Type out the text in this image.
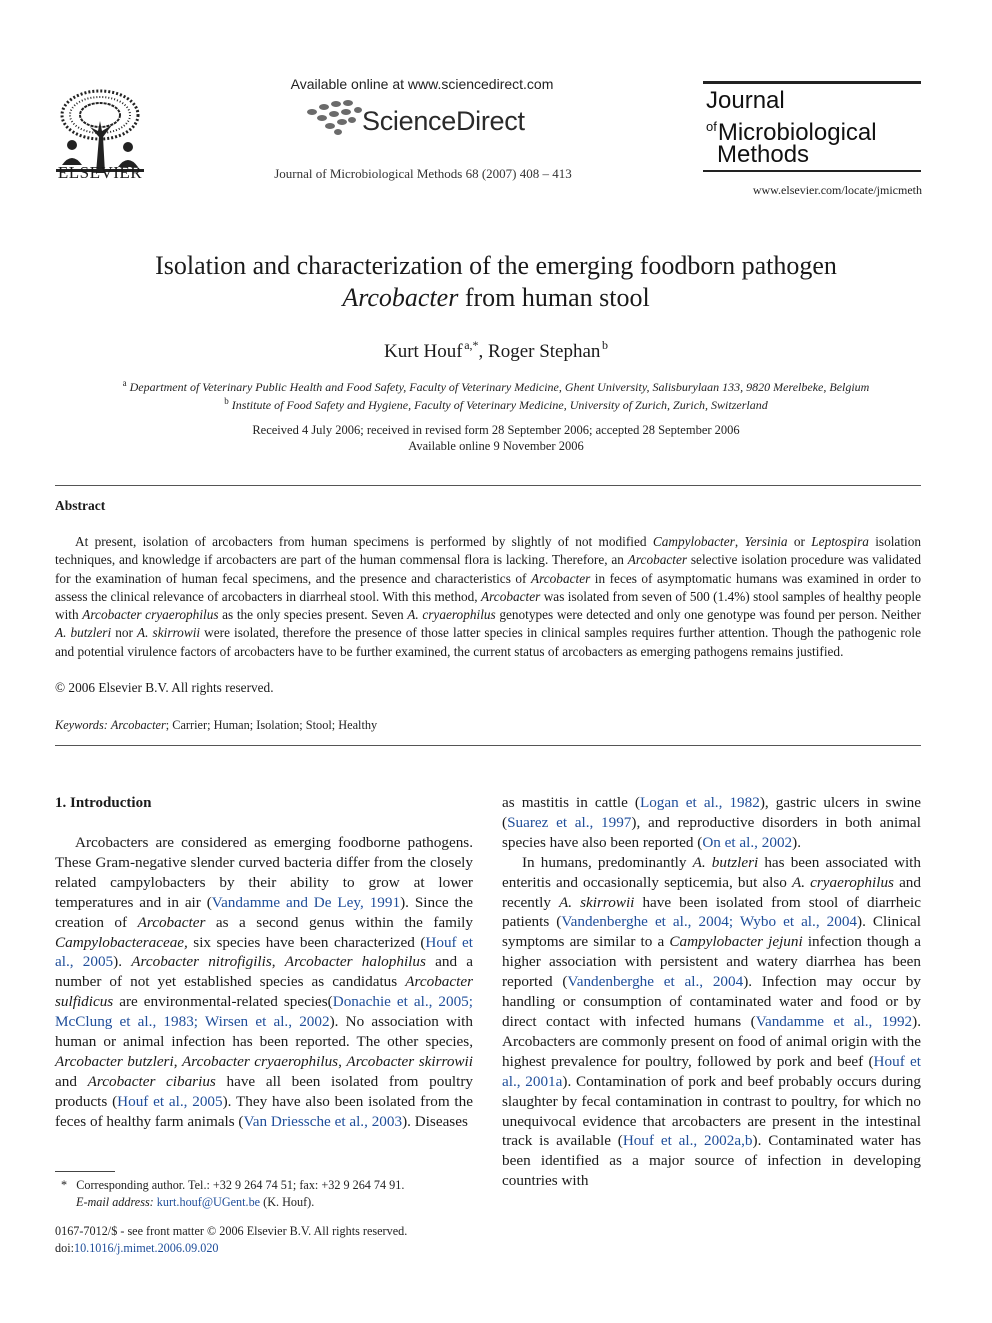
ELSEVIER
Available online at www.sciencedirect.com
ScienceDirect
Journal of Microbiological Methods 68 (2007) 408 – 413
Journal
$^{of}$Microbiological
Methods
www.elsevier.com/locate/jmicmeth
Isolation and characterization of the emerging foodborn pathogen
Arcobacter from human stool
Kurt Houf  $^{a,*}$, Roger Stephan  $^b$
$^a$ Department of Veterinary Public Health and Food Safety, Faculty of Veterinary Medicine, Ghent University, Salisburylaan 133, 9820 Merelbeke, Belgium
$^b$ Institute of Food Safety and Hygiene, Faculty of Veterinary Medicine, University of Zurich, Zurich, Switzerland
Received 4 July 2006; received in revised form 28 September 2006; accepted 28 September 2006
Available online 9 November 2006
Abstract
At present, isolation of arcobacters from human specimens is performed by slightly of not modified Campylobacter, Yersinia or Leptospira isolation techniques, and knowledge if arcobacters are part of the human commensal flora is lacking. Therefore, an Arcobacter selective isolation procedure was validated for the examination of human fecal specimens, and the presence and characteristics of Arcobacter in feces of asymptomatic humans was examined in order to assess the clinical relevance of arcobacters in diarrheal stool. With this method, Arcobacter was isolated from seven of 500 (1.4%) stool samples of healthy people with Arcobacter cryaerophilus as the only species present. Seven A. cryaerophilus genotypes were detected and only one genotype was found per person. Neither A. butzleri nor A. skirrowii were isolated, therefore the presence of those latter species in clinical samples requires further attention. Though the pathogenic role and potential virulence factors of arcobacters have to be further examined, the current status of arcobacters as emerging pathogens remains justified.
© 2006 Elsevier B.V. All rights reserved.
Keywords: Arcobacter; Carrier; Human; Isolation; Stool; Healthy
1. Introduction

Arcobacters are considered as emerging foodborne pathogens. These Gram-negative slender curved bacteria differ from the closely related campylobacters by their ability to grow at lower temperatures and in air (Vandamme and De Ley, 1991). Since the creation of Arcobacter as a second genus within the family Campylobacteraceae, six species have been characterized (Houf et al., 2005). Arcobacter nitrofigilis, Arcobacter halophilus and a number of not yet established species as candidatus Arcobacter sulfidicus are environmental-related species(Donachie et al., 2005; McClung et al., 1983; Wirsen et al., 2002). No association with human or animal infection has been reported. The other species, Arcobacter butzleri, Arcobacter cryaerophilus, Arcobacter skirrowii and Arcobacter cibarius have all been isolated from poultry products (Houf et al., 2005). They have also been isolated from the feces of healthy farm animals (Van Driessche et al., 2003). Diseases

as mastitis in cattle (Logan et al., 1982), gastric ulcers in swine (Suarez et al., 1997), and reproductive disorders in both animal species have also been reported (On et al., 2002).

In humans, predominantly A. butzleri has been associated with enteritis and occasionally septicemia, but also A. cryaerophilus and recently A. skirrowii have been isolated from stool of diarrheic patients (Vandenberghe et al., 2004; Wybo et al., 2004). Clinical symptoms are similar to a Campylobacter jejuni infection though a higher association with persistent and watery diarrhea has been reported (Vandenberghe et al., 2004). Infection may occur by handling or consumption of contaminated water and food or by direct contact with infected humans (Vandamme et al., 1992). Arcobacters are commonly present on food of animal origin with the highest prevalence for poultry, followed by pork and beef (Houf et al., 2001a). Contamination of pork and beef probably occurs during slaughter by fecal contamination in contrast to poultry, for which no unequivocal evidence that arcobacters are present in the intestinal track is available (Houf et al., 2002a,b). Contaminated water has been identified as a major source of infection in developing countries with

* Corresponding author. Tel.: +32 9 264 74 51; fax: +32 9 264 74 91.
E-mail address: kurt.houf@UGent.be (K. Houf).
0167-7012/$ - see front matter © 2006 Elsevier B.V. All rights reserved.
doi:10.1016/j.mimet.2006.09.020
